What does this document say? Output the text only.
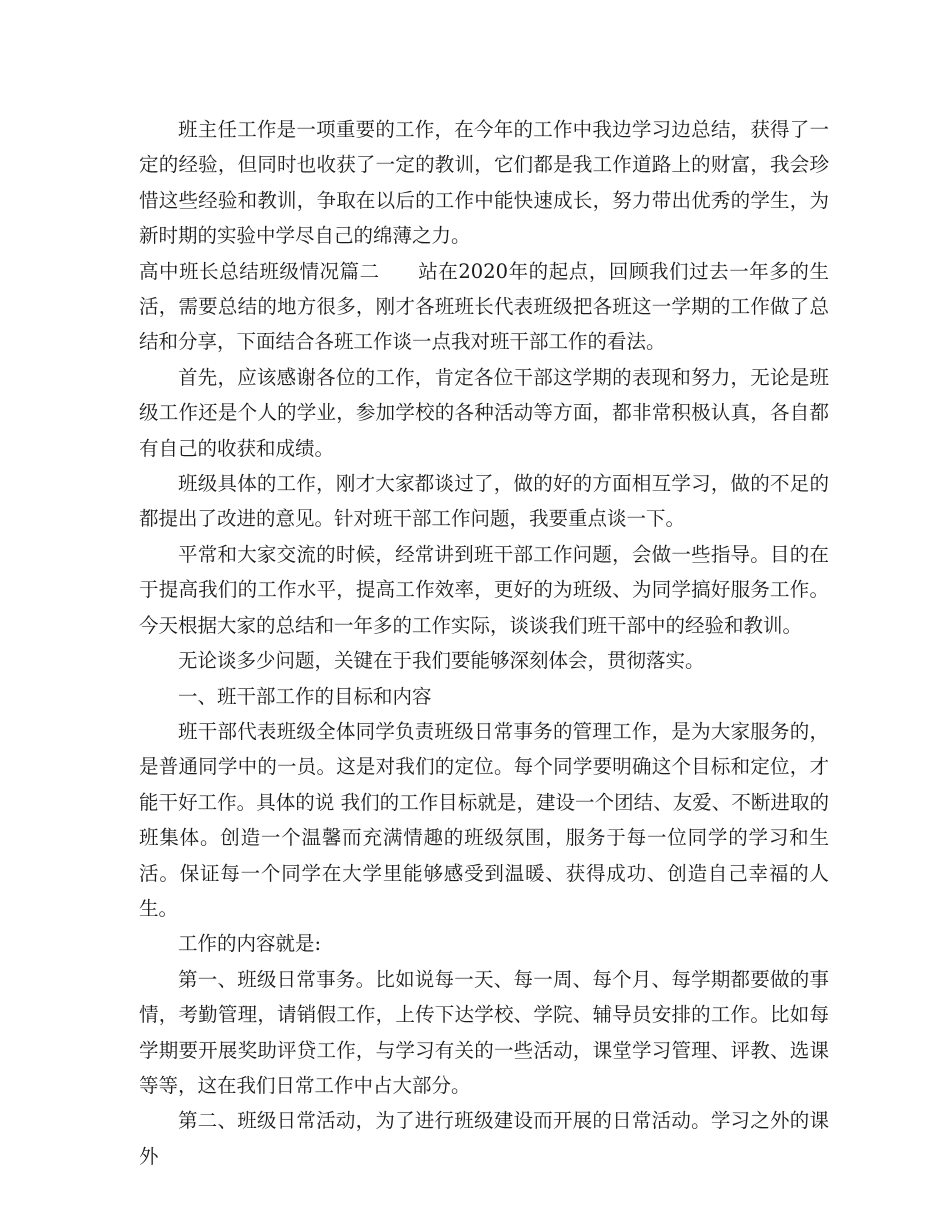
班主任工作是一项重要的工作，在今年的工作中我边学习边总结，获得了一定的经验，但同时也收获了一定的教训，它们都是我工作道路上的财富，我会珍惜这些经验和教训，争取在以后的工作中能快速成长，努力带出优秀的学生，为新时期的实验中学尽自己的绵薄之力。

高中班长总结班级情况篇二 站在2020年的起点，回顾我们过去一年多的生活，需要总结的地方很多，刚才各班班长代表班级把各班这一学期的工作做了总结和分享，下面结合各班工作谈一点我对班干部工作的看法。

首先，应该感谢各位的工作，肯定各位干部这学期的表现和努力，无论是班级工作还是个人的学业，参加学校的各种活动等方面，都非常积极认真，各自都有自己的收获和成绩。

班级具体的工作，刚才大家都谈过了，做的好的方面相互学习，做的不足的都提出了改进的意见。针对班干部工作问题，我要重点谈一下。

平常和大家交流的时候，经常讲到班干部工作问题，会做一些指导。目的在于提高我们的工作水平，提高工作效率，更好的为班级、为同学搞好服务工作。今天根据大家的总结和一年多的工作实际，谈谈我们班干部中的经验和教训。

无论谈多少问题，关键在于我们要能够深刻体会，贯彻落实。

一、班干部工作的目标和内容

班干部代表班级全体同学负责班级日常事务的管理工作，是为大家服务的，是普通同学中的一员。这是对我们的定位。每个同学要明确这个目标和定位，才能干好工作。具体的说 我们的工作目标就是，建设一个团结、友爱、不断进取的班集体。创造一个温馨而充满情趣的班级氛围，服务于每一位同学的学习和生活。保证每一个同学在大学里能够感受到温暖、获得成功、创造自己幸福的人生。

工作的内容就是:

第一、班级日常事务。比如说每一天、每一周、每个月、每学期都要做的事情，考勤管理，请销假工作，上传下达学校、学院、辅导员安排的工作。比如每学期要开展奖助评贷工作，与学习有关的一些活动，课堂学习管理、评教、选课等等，这在我们日常工作中占大部分。

第二、班级日常活动，为了进行班级建设而开展的日常活动。学习之外的课外
